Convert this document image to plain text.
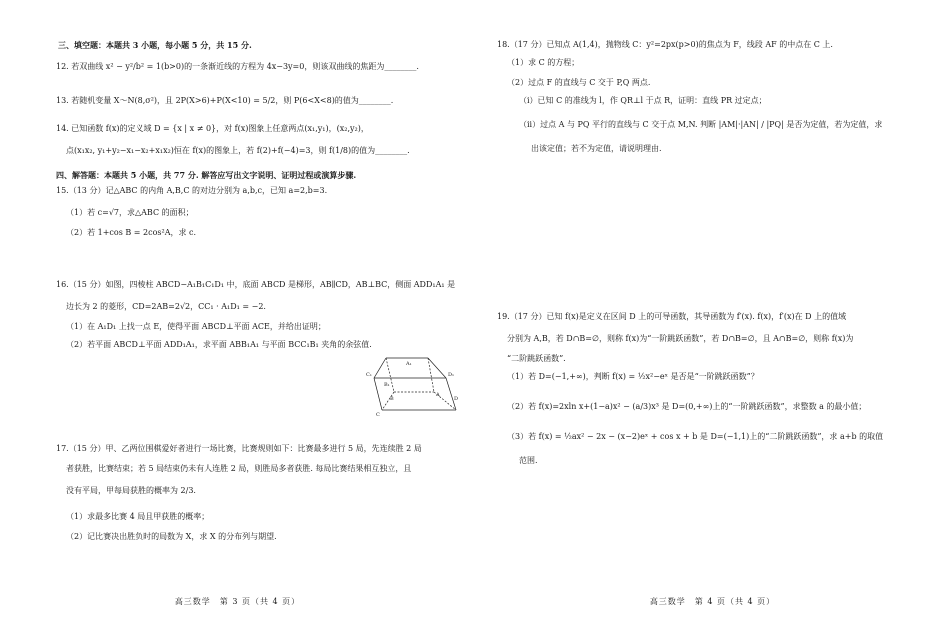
三、填空题：本题共 3 小题，每小题 5 分，共 15 分.

12. 若双曲线 x² − y²/b² = 1(b>0)的一条渐近线的方程为 4x−3y=0，则该双曲线的焦距为________.

13. 若随机变量 X～N(8,σ²)，且 2P(X>6)+P(X<10) = 5/2，则 P(6<X<8)的值为________.

14. 已知函数 f(x)的定义域 D = {x | x ≠ 0}，对 f(x)图象上任意两点(x₁,y₁)，(x₂,y₂)，

点(x₁x₂, y₁+y₂−x₁−x₂+x₁x₂)恒在 f(x)的图象上，若 f(2)+f(−4)=3，则 f(1/8)的值为________.

四、解答题：本题共 5 小题，共 77 分. 解答应写出文字说明、证明过程或演算步骤.

15.（13 分）记△ABC 的内角 A,B,C 的对边分别为 a,b,c，已知 a=2,b=3.

（1）若 c=√7，求△ABC 的面积；

（2）若 1+cos B = 2cos²A，求 c.

16.（15 分）如图，四棱柱 ABCD−A₁B₁C₁D₁ 中，底面 ABCD 是梯形，AB∥CD，AB⊥BC，侧面 ADD₁A₁ 是

边长为 2 的菱形，CD=2AB=2√2，CC₁ · A₁D₁ = −2.

（1）在 A₁D₁ 上找一点 E，使得平面 ABCD⊥平面 ACE，并给出证明；

（2）若平面 ABCD⊥平面 ADD₁A₁，求平面 ABB₁A₁ 与平面 BCC₁B₁ 夹角的余弦值.

A₁
D₁
C₁
B₁
A
D
B
C

17.（15 分）甲、乙两位围棋爱好者进行一场比赛，比赛规则如下：比赛最多进行 5 局，先连续胜 2 局

者获胜，比赛结束；若 5 局结束仍未有人连胜 2 局，则胜局多者获胜. 每局比赛结果相互独立，且

没有平局，甲每局获胜的概率为 2/3.

（1）求最多比赛 4 局且甲获胜的概率；

（2）记比赛决出胜负时的局数为 X，求 X 的分布列与期望.

高三数学　第 3 页（共 4 页）

18.（17 分）已知点 A(1,4)，抛物线 C：y²=2px(p>0)的焦点为 F，线段 AF 的中点在 C 上.

（1）求 C 的方程；

（2）过点 F 的直线与 C 交于 P,Q 两点.

（i）已知 C 的准线为 l，作 QR⊥l 于点 R，证明：直线 PR 过定点；

（ii）过点 A 与 PQ 平行的直线与 C 交于点 M,N. 判断 |AM|·|AN| / |PQ| 是否为定值，若为定值，求

出该定值；若不为定值，请说明理由.

19.（17 分）已知 f(x)是定义在区间 D 上的可导函数，其导函数为 f′(x). f(x)，f′(x)在 D 上的值域

分别为 A,B，若 D∩B=∅，则称 f(x)为“一阶跳跃函数”，若 D∩B=∅，且 A∩B=∅，则称 f(x)为

“二阶跳跃函数”.

（1）若 D=(−1,+∞)，判断 f(x) = ½x²−eˣ 是否是“一阶跳跃函数”？

（2）若 f(x)=2xln x+(1−a)x² − (a/3)x³ 是 D=(0,+∞)上的“一阶跳跃函数”，求整数 a 的最小值；

（3）若 f(x) = ½ax² − 2x − (x−2)eˣ + cos x + b 是 D=(−1,1)上的“二阶跳跃函数”，求 a+b 的取值

范围.

高三数学　第 4 页（共 4 页）
